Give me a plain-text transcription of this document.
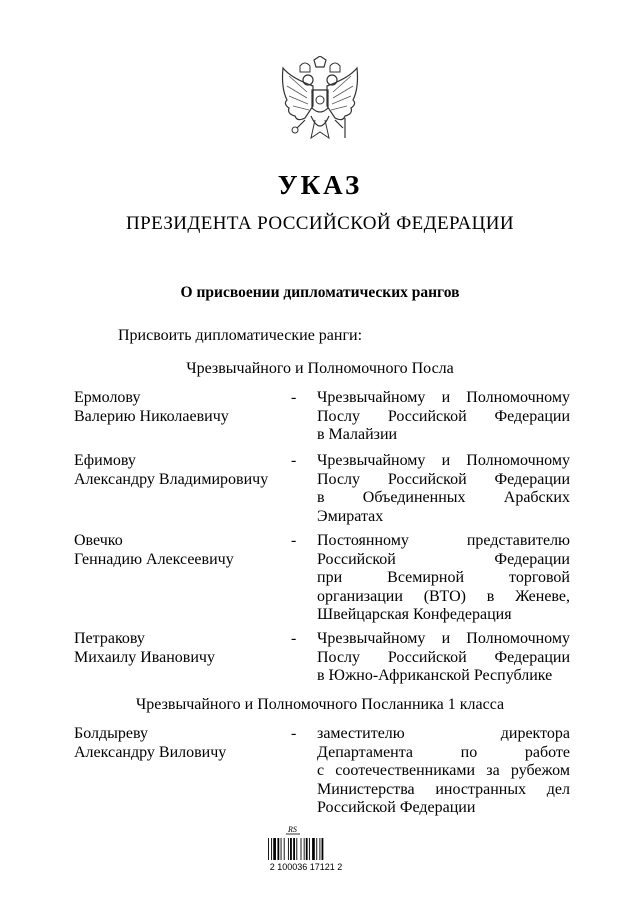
УКАЗ
ПРЕЗИДЕНТА РОССИЙСКОЙ ФЕДЕРАЦИИ
О присвоении дипломатических рангов
Присвоить дипломатические ранги:
Чрезвычайного и Полномочного Посла
Ермолову
Валерию Николаевичу
- Чрезвычайному и Полномочному
Послу Российской Федерации
в Малайзии
Ефимову
Александру Владимировичу
- Чрезвычайному и Полномочному
Послу Российской Федерации
в Объединенных Арабских
Эмиратах
Овечко
Геннадию Алексеевичу
- Постоянному представителю
Российской Федерации
при Всемирной торговой
организации (ВТО) в Женеве,
Швейцарская Конфедерация
Петракову
Михаилу Ивановичу
- Чрезвычайному и Полномочному
Послу Российской Федерации
в Южно-Африканской Республике
Чрезвычайного и Полномочного Посланника 1 класса
Болдыреву
Александру Виловичу
- заместителю директора
Департамента по работе
с соотечественниками за рубежом
Министерства иностранных дел
Российской Федерации
RS
2 100036 17121 2
